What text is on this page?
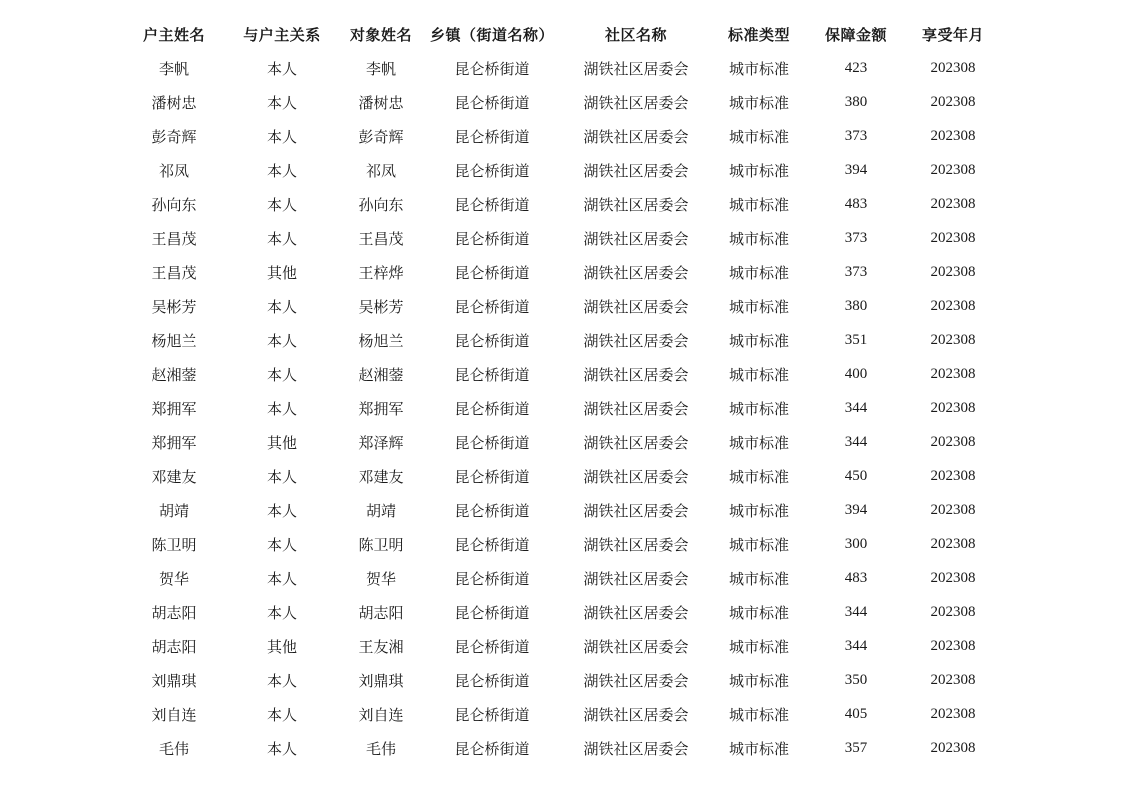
户主姓名	与户主关系	对象姓名	乡镇（街道名称）	社区名称	标准类型	保障金额	享受年月
李帆	本人	李帆	昆仑桥街道	湖铁社区居委会	城市标准	423	202308
潘树忠	本人	潘树忠	昆仑桥街道	湖铁社区居委会	城市标准	380	202308
彭奇辉	本人	彭奇辉	昆仑桥街道	湖铁社区居委会	城市标准	373	202308
祁凤	本人	祁凤	昆仑桥街道	湖铁社区居委会	城市标准	394	202308
孙向东	本人	孙向东	昆仑桥街道	湖铁社区居委会	城市标准	483	202308
王昌茂	本人	王昌茂	昆仑桥街道	湖铁社区居委会	城市标准	373	202308
王昌茂	其他	王梓烨	昆仑桥街道	湖铁社区居委会	城市标准	373	202308
吴彬芳	本人	吴彬芳	昆仑桥街道	湖铁社区居委会	城市标准	380	202308
杨旭兰	本人	杨旭兰	昆仑桥街道	湖铁社区居委会	城市标准	351	202308
赵湘蓥	本人	赵湘蓥	昆仑桥街道	湖铁社区居委会	城市标准	400	202308
郑拥军	本人	郑拥军	昆仑桥街道	湖铁社区居委会	城市标准	344	202308
郑拥军	其他	郑泽辉	昆仑桥街道	湖铁社区居委会	城市标准	344	202308
邓建友	本人	邓建友	昆仑桥街道	湖铁社区居委会	城市标准	450	202308
胡靖	本人	胡靖	昆仑桥街道	湖铁社区居委会	城市标准	394	202308
陈卫明	本人	陈卫明	昆仑桥街道	湖铁社区居委会	城市标准	300	202308
贺华	本人	贺华	昆仑桥街道	湖铁社区居委会	城市标准	483	202308
胡志阳	本人	胡志阳	昆仑桥街道	湖铁社区居委会	城市标准	344	202308
胡志阳	其他	王友湘	昆仑桥街道	湖铁社区居委会	城市标准	344	202308
刘鼎琪	本人	刘鼎琪	昆仑桥街道	湖铁社区居委会	城市标准	350	202308
刘自连	本人	刘自连	昆仑桥街道	湖铁社区居委会	城市标准	405	202308
毛伟	本人	毛伟	昆仑桥街道	湖铁社区居委会	城市标准	357	202308
